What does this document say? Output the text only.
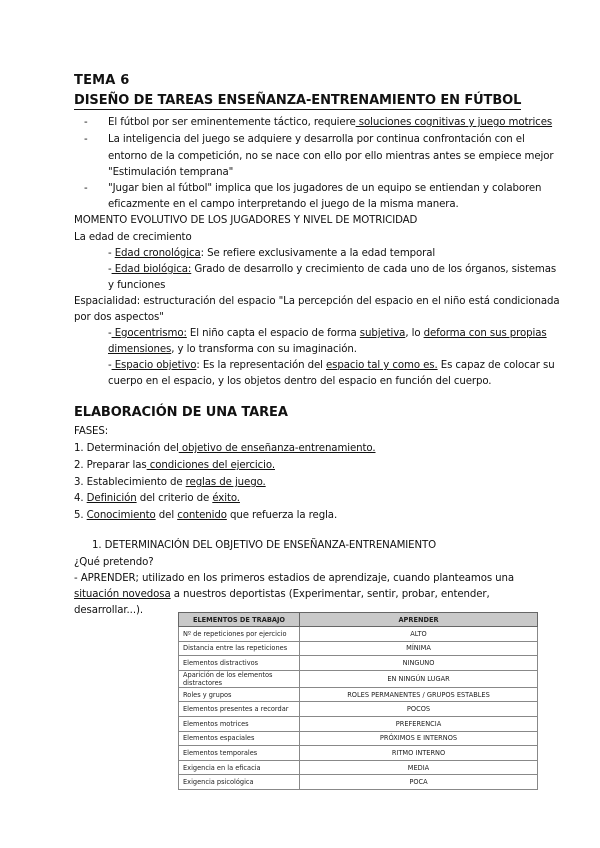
TEMA 6
DISEÑO DE TAREAS ENSEÑANZA-ENTRENAMIENTO EN FÚTBOL
- El fútbol por ser eminentemente táctico, requiere soluciones cognitivas y juego motrices
- La inteligencia del juego se adquiere y desarrolla por continua confrontación con el
entorno de la competición, no se nace con ello por ello mientras antes se empiece mejor
"Estimulación temprana"
- "Jugar bien al fútbol" implica que los jugadores de un equipo se entiendan y colaboren
eficazmente en el campo interpretando el juego de la misma manera.
MOMENTO EVOLUTIVO DE LOS JUGADORES Y NIVEL DE MOTRICIDAD
La edad de crecimiento
- Edad cronológica: Se refiere exclusivamente a la edad temporal
- Edad biológica: Grado de desarrollo y crecimiento de cada uno de los órganos, sistemas
y funciones
Espacialidad: estructuración del espacio "La percepción del espacio en el niño está condicionada
por dos aspectos"
- Egocentrismo: El niño capta el espacio de forma subjetiva, lo deforma con sus propias
dimensiones, y lo transforma con su imaginación.
- Espacio objetivo: Es la representación del espacio tal y como es. Es capaz de colocar su
cuerpo en el espacio, y los objetos dentro del espacio en función del cuerpo.
ELABORACIÓN DE UNA TAREA
FASES:
1. Determinación del objetivo de enseñanza-entrenamiento.
2. Preparar las condiciones del ejercicio.
3. Establecimiento de reglas de juego.
4. Definición del criterio de éxito.
5. Conocimiento del contenido que refuerza la regla.
1. DETERMINACIÓN DEL OBJETIVO DE ENSEÑANZA-ENTRENAMIENTO
¿Qué pretendo?
- APRENDER; utilizado en los primeros estadios de aprendizaje, cuando planteamos una
situación novedosa a nuestros deportistas (Experimentar, sentir, probar, entender,
desarrollar...).
ELEMENTOS DE TRABAJO	APRENDER
Nº de repeticiones por ejercicio	ALTO
Distancia entre las repeticiones	MÍNIMA
Elementos distractivos	NINGUNO
Aparición de los elementos distractores	EN NINGÚN LUGAR
Roles y grupos	ROLES PERMANENTES / GRUPOS ESTABLES
Elementos presentes a recordar	POCOS
Elementos motrices	PREFERENCIA
Elementos espaciales	PRÓXIMOS E INTERNOS
Elementos temporales	RITMO INTERNO
Exigencia en la eficacia	MEDIA
Exigencia psicológica	POCA
